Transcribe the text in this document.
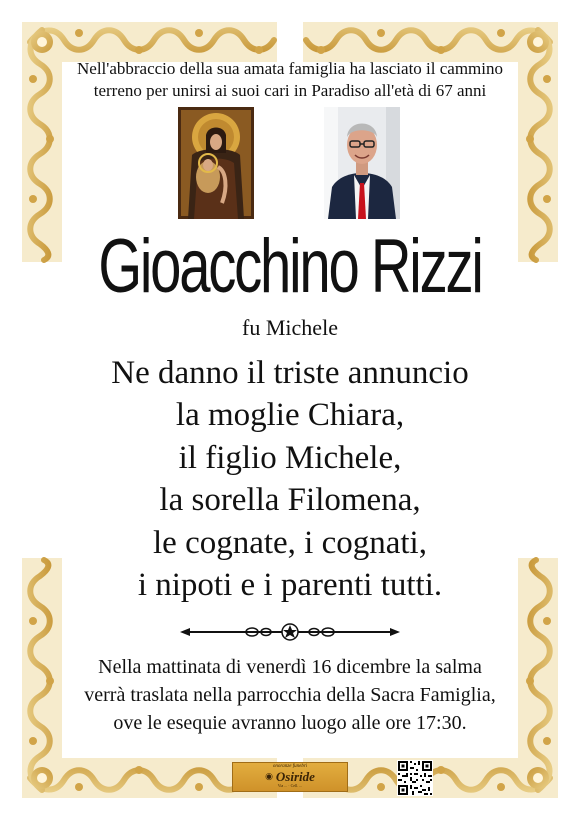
Nell'abbraccio della sua amata famiglia ha lasciato il cammino
terreno per unirsi ai suoi cari in Paradiso all'età di 67 anni
Gioacchino Rizzi
fu Michele
Ne danno il triste annuncio
la moglie Chiara,
il figlio Michele,
la sorella Filomena,
le cognate, i cognati,
i nipoti e i parenti tutti.
Nella mattinata di venerdì 16 dicembre la salma
verrà traslata nella parrocchia della Sacra Famiglia,
ove le esequie avranno luogo alle ore 17:30.
onoranze funebri
◉ Osiride
Via ... · Cell. ...
